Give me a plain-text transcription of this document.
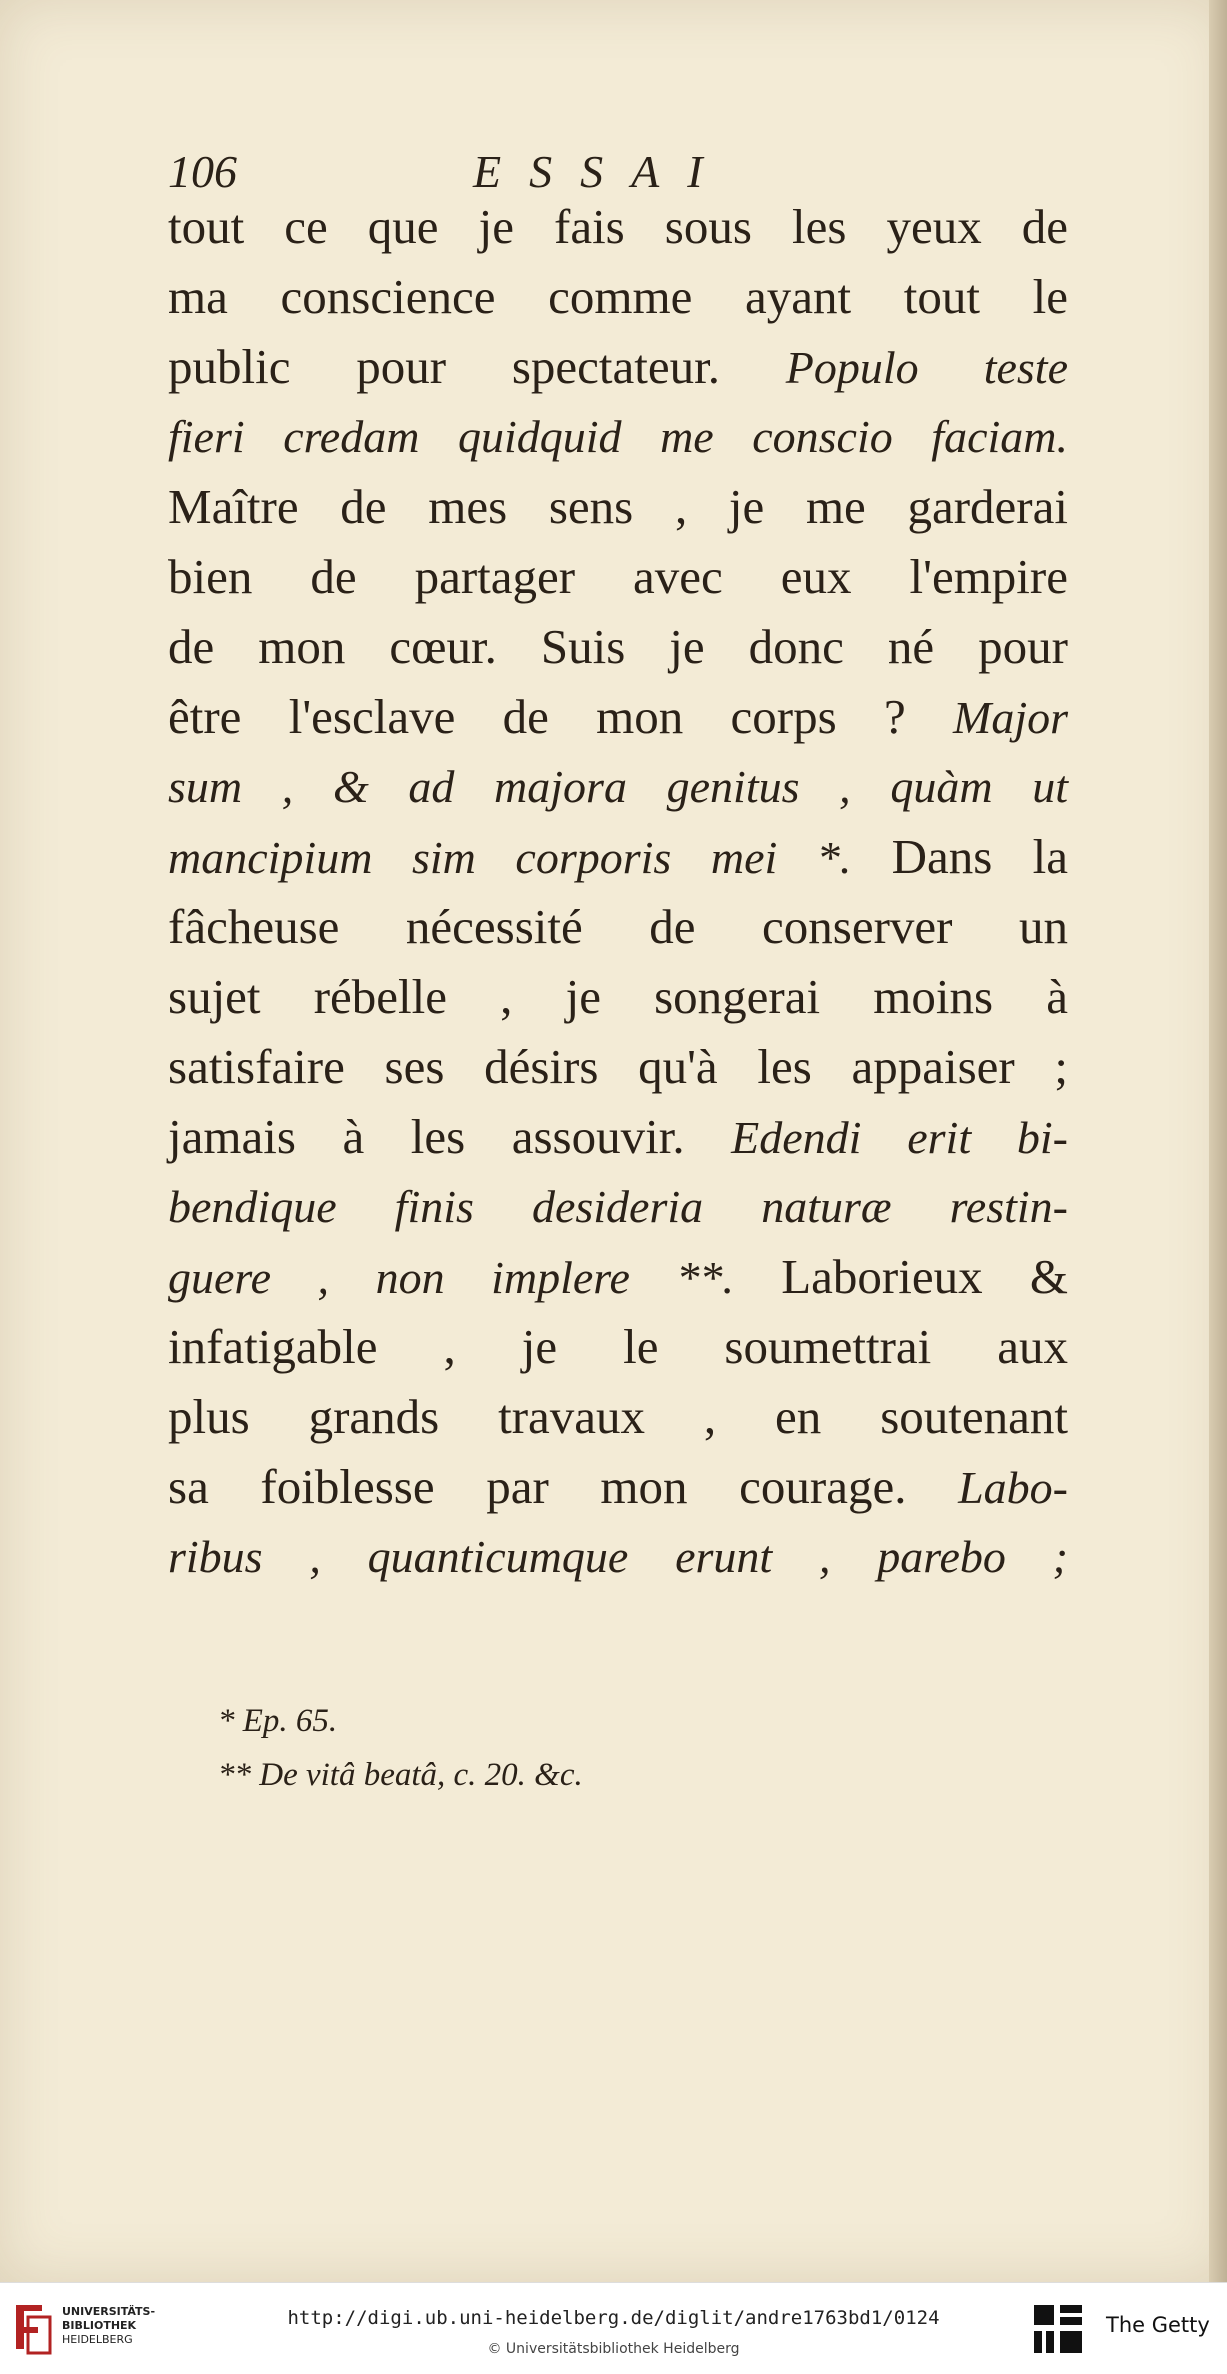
106	ESSAI
tout ce que je fais sous les yeux de
ma conscience comme ayant tout le
public pour spectateur. Populo teste
fieri credam quidquid me conscio faciam.
Maître de mes sens , je me garderai
bien de partager avec eux l'empire
de mon cœur. Suis je donc né pour
être l'esclave de mon corps ? Major
sum , & ad majora genitus , quàm ut
mancipium sim corporis mei *. Dans la
fâcheuse nécessité de conserver un
sujet rébelle , je songerai moins à
satisfaire ses désirs qu'à les appaiser ;
jamais à les assouvir. Edendi erit bi-
bendique finis desideria naturæ restin-
guere , non implere **. Laborieux &
infatigable , je le soumettrai aux
plus grands travaux , en soutenant
sa foiblesse par mon courage. Labo-
ribus , quanticumque erunt , parebo ;
* Ep. 65.
** De vitâ beatâ, c. 20. &c.
UNIVERSITÄTS-
BIBLIOTHEK
HEIDELBERG
http://digi.ub.uni-heidelberg.de/diglit/andre1763bd1/0124
© Universitätsbibliothek Heidelberg
The Getty
